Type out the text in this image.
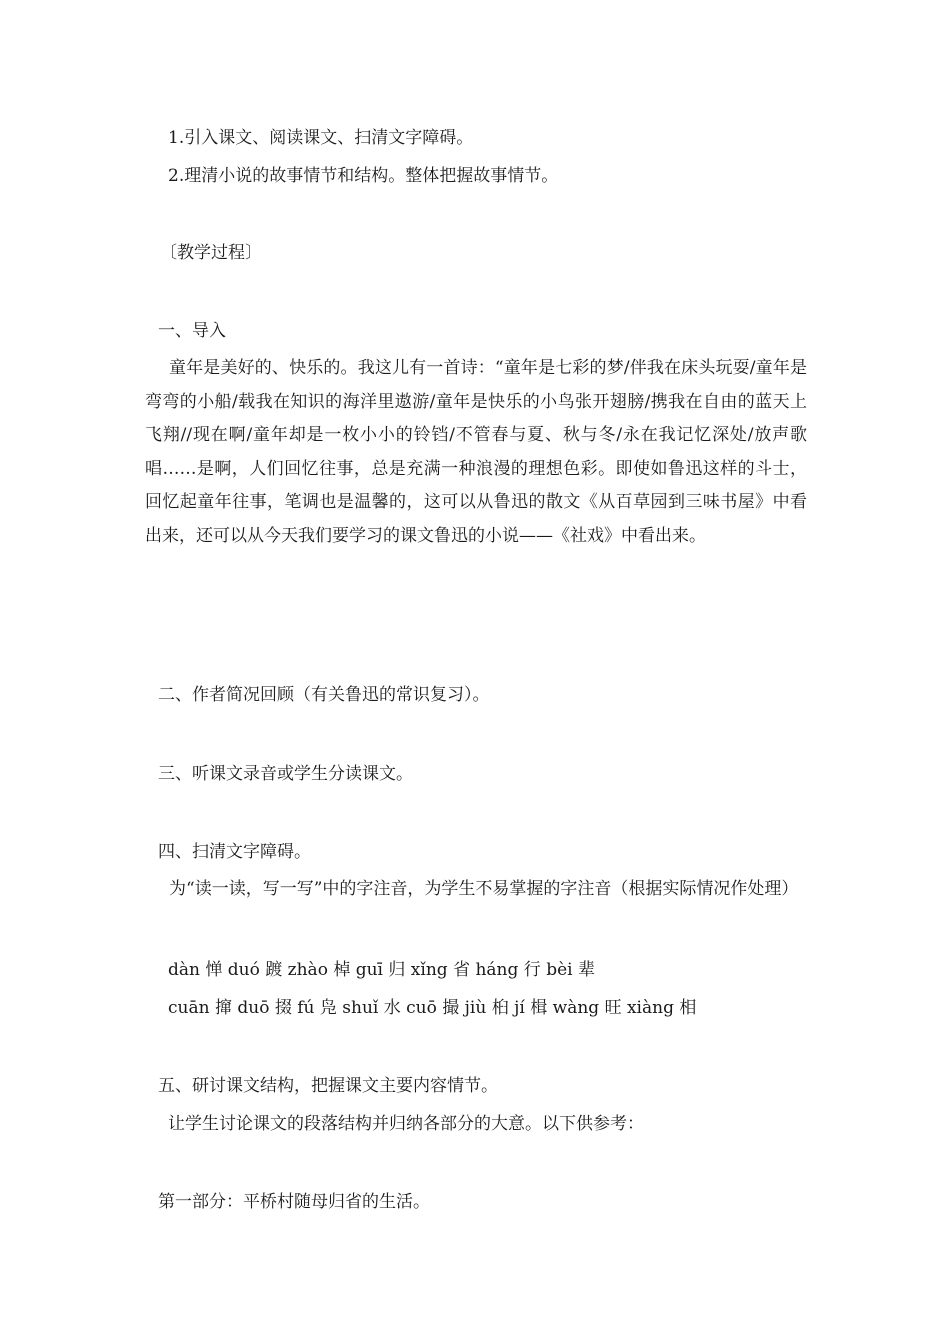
1.引入课文、阅读课文、扫清文字障碍。
2.理清小说的故事情节和结构。整体把握故事情节。
〔教学过程〕
一、导入
童年是美好的、快乐的。我这儿有一首诗：“童年是七彩的梦/伴我在床头玩耍/童年是弯弯的小船/载我在知识的海洋里遨游/童年是快乐的小鸟张开翅膀/携我在自由的蓝天上飞翔//现在啊/童年却是一枚小小的铃铛/不管春与夏、秋与冬/永在我记忆深处/放声歌唱……是啊，人们回忆往事，总是充满一种浪漫的理想色彩。即使如鲁迅这样的斗士，回忆起童年往事，笔调也是温馨的，这可以从鲁迅的散文《从百草园到三味书屋》中看出来，还可以从今天我们要学习的课文鲁迅的小说——《社戏》中看出来。
二、作者简况回顾（有关鲁迅的常识复习）。
三、听课文录音或学生分读课文。
四、扫清文字障碍。
为“读一读，写一写”中的字注音，为学生不易掌握的字注音（根据实际情况作处理）
dàn 惮 duó 踱 zhào 棹 guī 归 xǐng 省 háng 行 bèi 辈
cuān 撺 duō 掇 fú 凫 shuǐ 水 cuō 撮 jiù 桕 jí 楫 wàng 旺 xiàng 相
五、研讨课文结构，把握课文主要内容情节。
让学生讨论课文的段落结构并归纳各部分的大意。以下供参考：
第一部分：平桥村随母归省的生活。
